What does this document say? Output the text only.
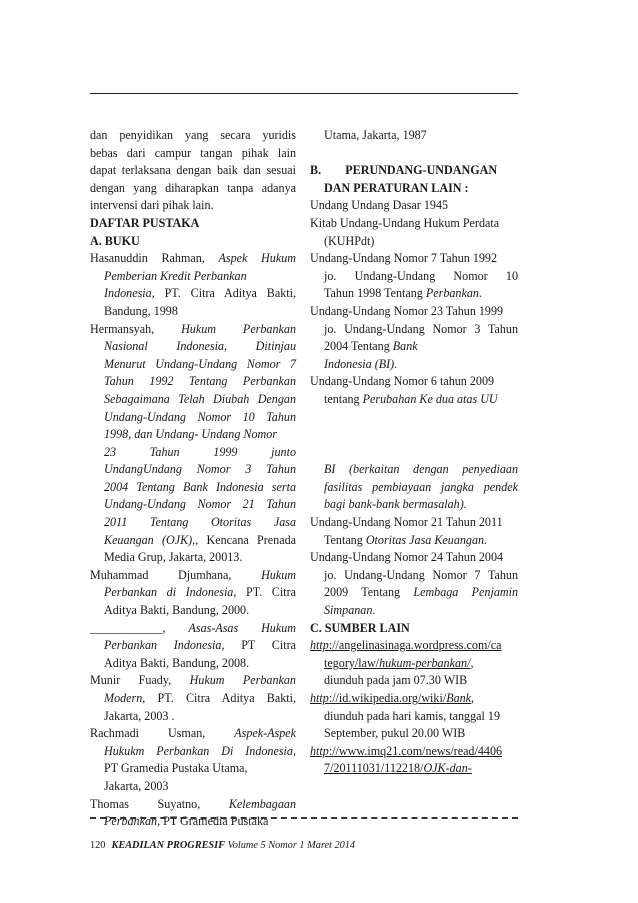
dan penyidikan yang secara yuridis

bebas dari campur tangan pihak lain

dapat terlaksana dengan baik dan sesuai

dengan yang diharapkan tanpa adanya

intervensi dari pihak lain.

DAFTAR PUSTAKA

A. BUKU

Hasanuddin Rahman, Aspek Hukum

Pemberian Kredit Perbankan

Indonesia, PT. Citra Aditya Bakti,

Bandung, 1998

Hermansyah, Hukum Perbankan

Nasional Indonesia, Ditinjau

Menurut Undang-Undang Nomor 7

Tahun 1992 Tentang Perbankan

Sebagaimana Telah Diubah Dengan

Undang-Undang Nomor 10 Tahun

1998, dan Undang- Undang Nomor

23 Tahun 1999 junto

UndangUndang Nomor 3 Tahun

2004 Tentang Bank Indonesia serta

Undang-Undang Nomor 21 Tahun

2011 Tentang Otoritas Jasa

Keuangan (OJK),, Kencana Prenada

Media Grup, Jakarta, 20013.

Muhammad Djumhana, Hukum

Perbankan di Indonesia, PT. Citra

Aditya Bakti, Bandung, 2000.

____________, Asas-Asas Hukum

Perbankan Indonesia, PT Citra

Aditya Bakti, Bandung, 2008.

Munir Fuady, Hukum Perbankan

Modern, PT. Citra Aditya Bakti,

Jakarta, 2003 .

Rachmadi Usman, Aspek-Aspek

Hukukm Perbankan Di Indonesia,

PT Gramedia Pustaka Utama,

Jakarta, 2003

Thomas Suyatno, Kelembagaan

Perbankan, PT Gramedia Pustaka

Utama, Jakarta, 1987

B.        PERUNDANG-UNDANGAN

DAN PERATURAN LAIN :

Undang Undang Dasar 1945

Kitab Undang-Undang Hukum Perdata

(KUHPdt)

Undang-Undang Nomor 7 Tahun 1992

jo. Undang-Undang Nomor 10

Tahun 1998 Tentang Perbankan.

Undang-Undang Nomor 23 Tahun 1999

jo. Undang-Undang Nomor 3 Tahun

2004 Tentang Bank

Indonesia (BI).

Undang-Undang Nomor 6 tahun 2009

tentang Perubahan Ke dua atas UU

BI (berkaitan dengan penyediaan

fasilitas pembiayaan jangka pendek

bagi bank-bank bermasalah).

Undang-Undang Nomor 21 Tahun 2011

Tentang Otoritas Jasa Keuangan.

Undang-Undang Nomor 24 Tahun 2004

jo. Undang-Undang Nomor 7 Tahun

2009 Tentang Lembaga Penjamin

Simpanan.

C. SUMBER LAIN

http://angelinasinaga.wordpress.com/ca

tegory/law/hukum-perbankan/,

diunduh pada jam 07.30 WIB

http://id.wikipedia.org/wiki/Bank,

diunduh pada hari kamis, tanggal 19

September, pukul 20.00 WIB

http://www.imq21.com/news/read/4406

7/20111031/112218/OJK-dan-

120 KEADILAN PROGRESIF Volume 5 Nomor 1 Maret 2014
